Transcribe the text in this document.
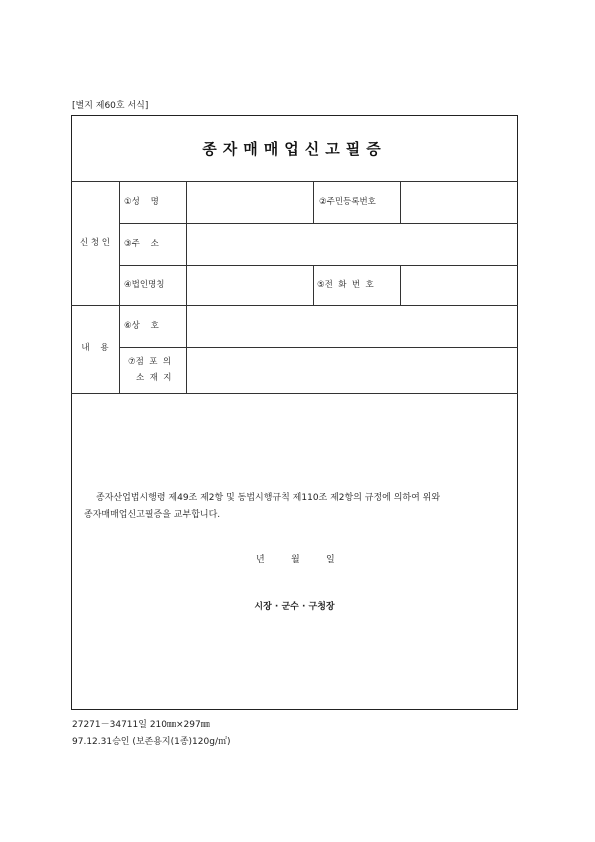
[별지 제60호 서식]
종자매매업신고필증
신 청 인
①성    명	②주민등록번호
③주    소
④법인명칭	⑤전  화  번  호
내    용
⑥상    호
⑦점  포  의
소  재  지
종자산업법시행령 제49조 제2항 및 동법시행규칙 제110조 제2항의 규정에 의하여 위와
종자매매업신고필증을 교부합니다.
년	월	일
시장 · 군수 · 구청장
27271－34711일 210㎜×297㎜
97.12.31승인 (보존용지(1종)120g/㎡)
